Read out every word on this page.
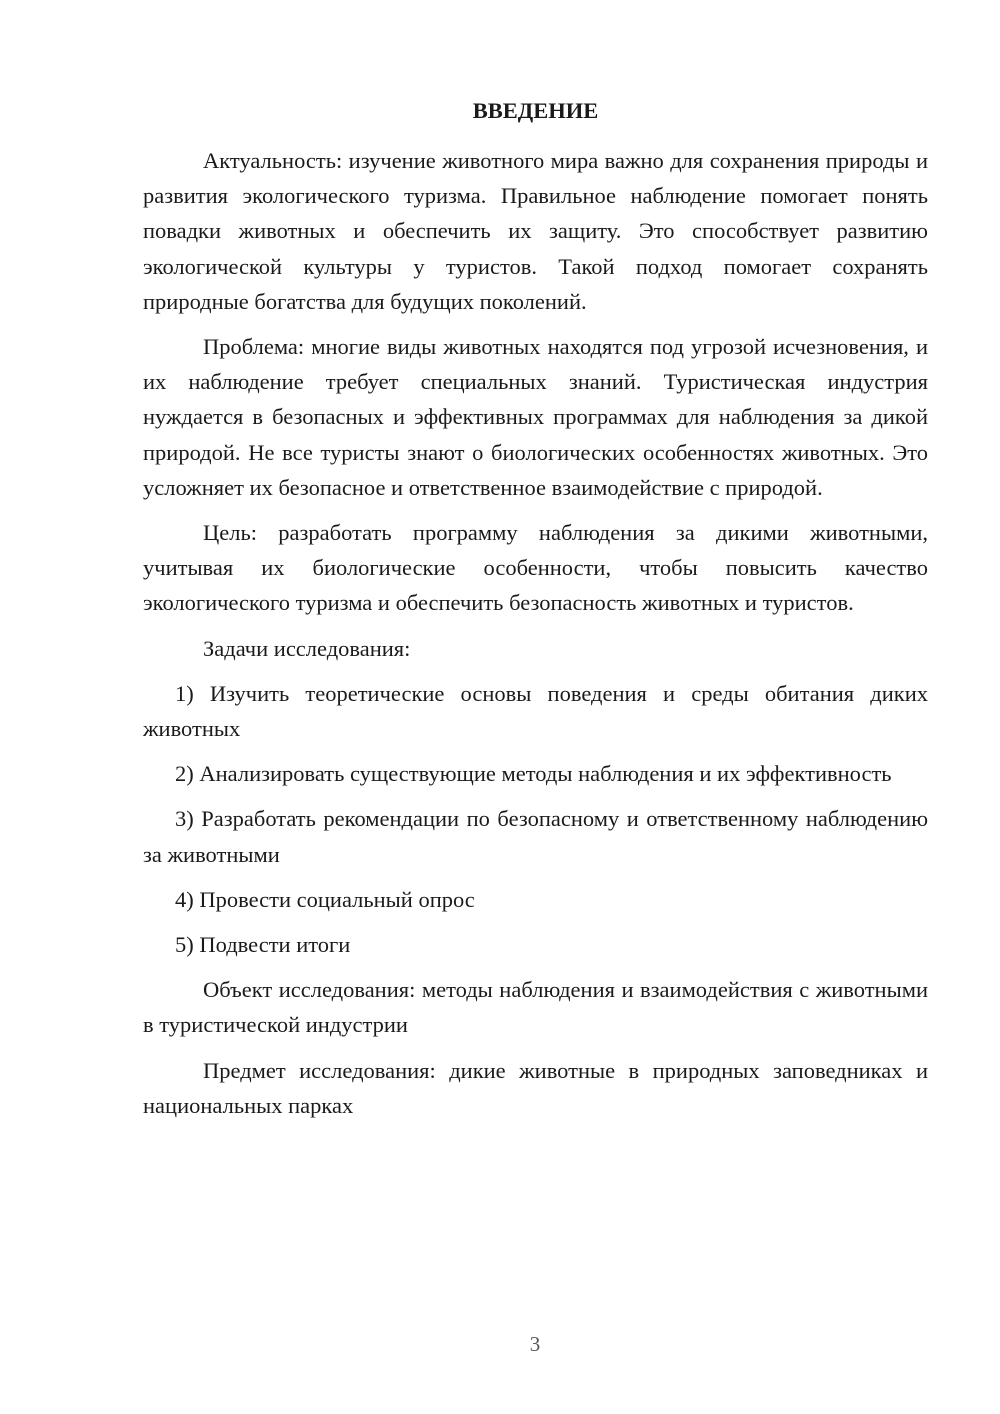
ВВЕДЕНИЕ

Актуальность: изучение животного мира важно для сохранения природы и развития экологического туризма. Правильное наблюдение помогает понять повадки животных и обеспечить их защиту. Это способствует развитию экологической культуры у туристов. Такой подход помогает сохранять природные богатства для будущих поколений.

Проблема: многие виды животных находятся под угрозой исчезновения, и их наблюдение требует специальных знаний. Туристическая индустрия нуждается в безопасных и эффективных программах для наблюдения за дикой природой. Не все туристы знают о биологических особенностях животных. Это усложняет их безопасное и ответственное взаимодействие с природой.

Цель: разработать программу наблюдения за дикими животными, учитывая их биологические особенности, чтобы повысить качество экологического туризма и обеспечить безопасность животных и туристов.

Задачи исследования:

1) Изучить теоретические основы поведения и среды обитания диких животных

2) Анализировать существующие методы наблюдения и их эффективность

3) Разработать рекомендации по безопасному и ответственному наблюдению за животными

4) Провести социальный опрос

5) Подвести итоги

Объект исследования: методы наблюдения и взаимодействия с животными в туристической индустрии

Предмет исследования: дикие животные в природных заповедниках и национальных парках

3
